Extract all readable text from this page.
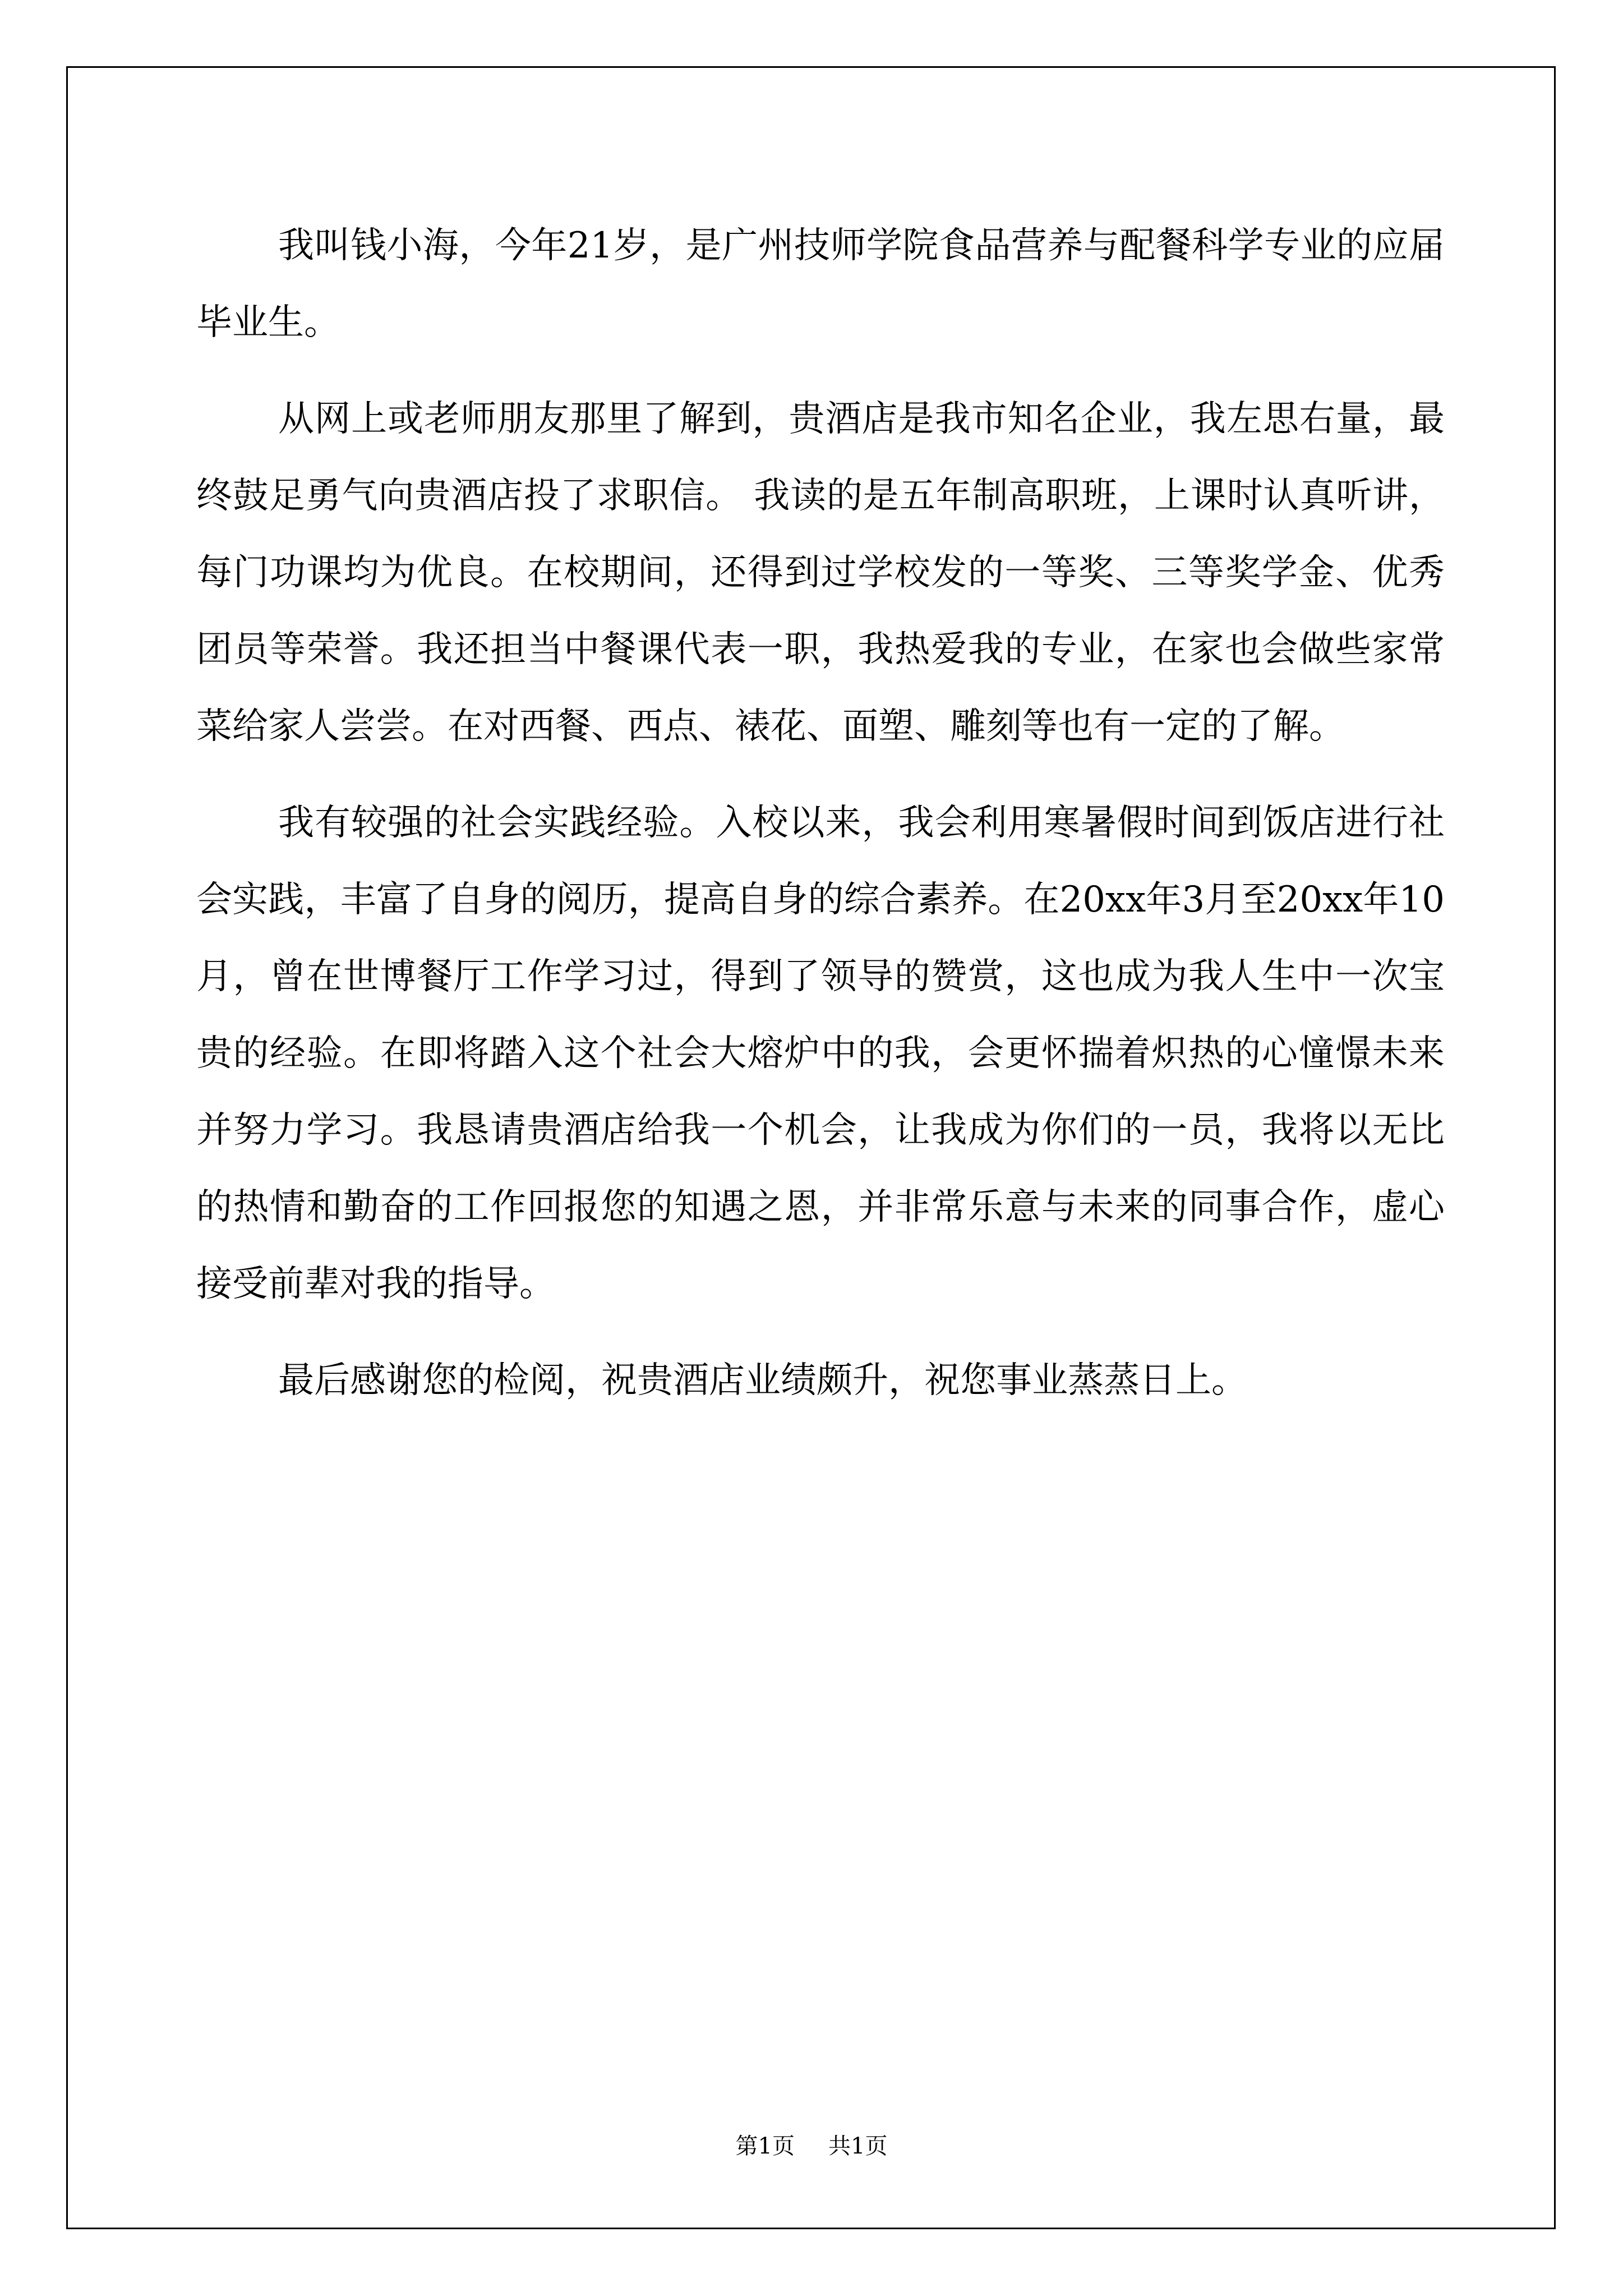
我叫钱小海，今年21岁，是广州技师学院食品营养与配餐科学专业的应届毕业生。

从网上或老师朋友那里了解到，贵酒店是我市知名企业，我左思右量，最终鼓足勇气向贵酒店投了求职信。 我读的是五年制高职班，上课时认真听讲，每门功课均为优良。在校期间，还得到过学校发的一等奖、三等奖学金、优秀团员等荣誉。我还担当中餐课代表一职，我热爱我的专业，在家也会做些家常菜给家人尝尝。在对西餐、西点、裱花、面塑、雕刻等也有一定的了解。

我有较强的社会实践经验。入校以来，我会利用寒暑假时间到饭店进行社会实践，丰富了自身的阅历，提高自身的综合素养。在20xx年3月至20xx年10月，曾在世博餐厅工作学习过，得到了领导的赞赏，这也成为我人生中一次宝贵的经验。在即将踏入这个社会大熔炉中的我，会更怀揣着炽热的心憧憬未来并努力学习。我恳请贵酒店给我一个机会，让我成为你们的一员，我将以无比的热情和勤奋的工作回报您的知遇之恩，并非常乐意与未来的同事合作，虚心接受前辈对我的指导。

最后感谢您的检阅，祝贵酒店业绩颇升，祝您事业蒸蒸日上。

第1页 共1页
